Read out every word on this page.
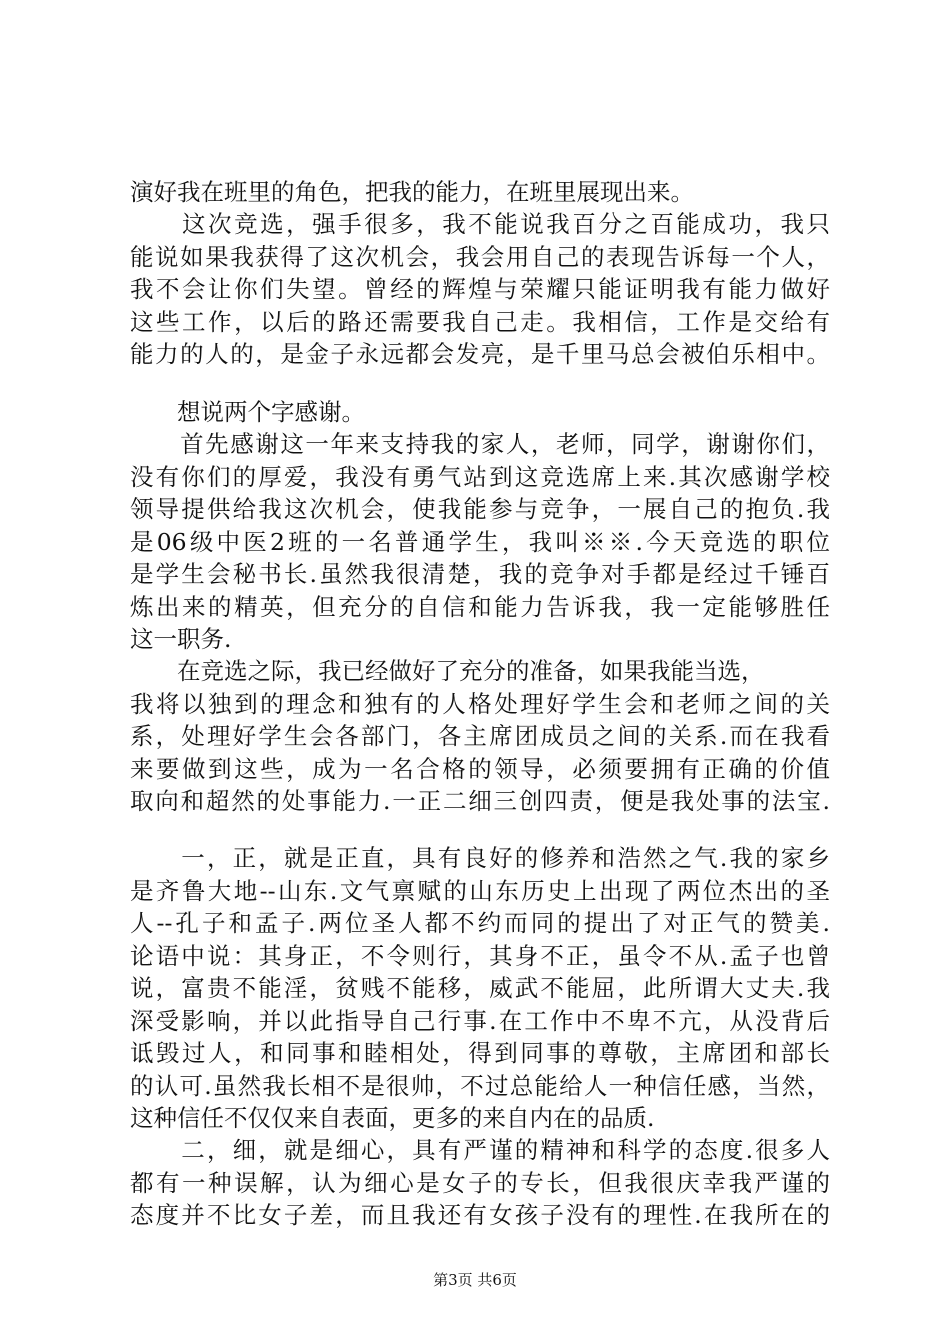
演好我在班里的角色，把我的能力，在班里展现出来。
　　这次竞选，强手很多，我不能说我百分之百能成功，我只
能说如果我获得了这次机会，我会用自己的表现告诉每一个人，
我不会让你们失望。曾经的辉煌与荣耀只能证明我有能力做好
这些工作，以后的路还需要我自己走。我相信，工作是交给有
能力的人的，是金子永远都会发亮，是千里马总会被伯乐相中。
　　想说两个字感谢。
　　首先感谢这一年来支持我的家人，老师，同学，谢谢你们，
没有你们的厚爱，我没有勇气站到这竞选席上来.其次感谢学校
领导提供给我这次机会，使我能参与竞争，一展自己的抱负.我
是06级中医2班的一名普通学生，我叫※※.今天竞选的职位
是学生会秘书长.虽然我很清楚，我的竞争对手都是经过千锤百
炼出来的精英，但充分的自信和能力告诉我，我一定能够胜任
这一职务.
　　在竞选之际，我已经做好了充分的准备，如果我能当选，
我将以独到的理念和独有的人格处理好学生会和老师之间的关
系，处理好学生会各部门，各主席团成员之间的关系.而在我看
来要做到这些，成为一名合格的领导，必须要拥有正确的价值
取向和超然的处事能力.一正二细三创四责，便是我处事的法宝.
　　一，正，就是正直，具有良好的修养和浩然之气.我的家乡
是齐鲁大地--山东.文气禀赋的山东历史上出现了两位杰出的圣
人--孔子和孟子.两位圣人都不约而同的提出了对正气的赞美.
论语中说：其身正，不令则行，其身不正，虽令不从.孟子也曾
说，富贵不能淫，贫贱不能移，威武不能屈，此所谓大丈夫.我
深受影响，并以此指导自己行事.在工作中不卑不亢，从没背后
诋毁过人，和同事和睦相处，得到同事的尊敬，主席团和部长
的认可.虽然我长相不是很帅，不过总能给人一种信任感，当然，
这种信任不仅仅来自表面，更多的来自内在的品质.
　　二，细，就是细心，具有严谨的精神和科学的态度.很多人
都有一种误解，认为细心是女子的专长，但我很庆幸我严谨的
态度并不比女子差，而且我还有女孩子没有的理性.在我所在的
第3页 共6页
